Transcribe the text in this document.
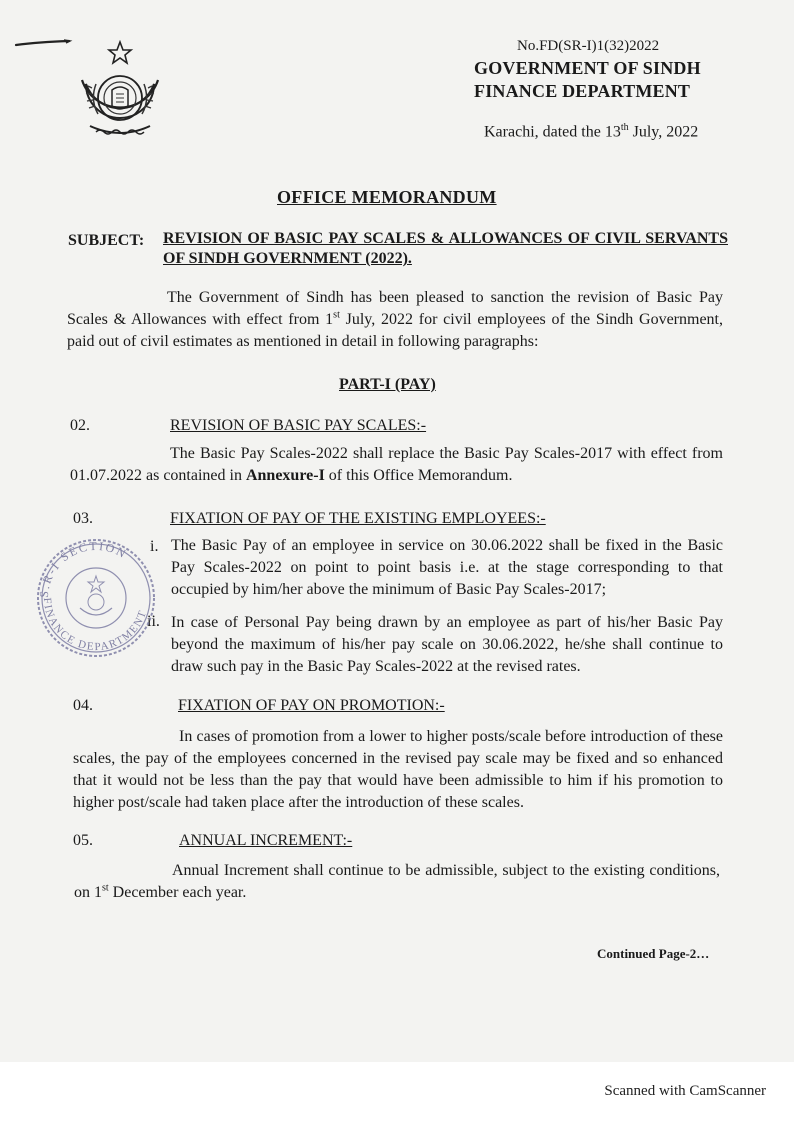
No.FD(SR-I)1(32)2022
GOVERNMENT OF SINDH
FINANCE DEPARTMENT
Karachi, dated the 13th July, 2022
OFFICE MEMORANDUM
SUBJECT: REVISION OF BASIC PAY SCALES & ALLOWANCES OF CIVIL SERVANTS OF SINDH GOVERNMENT (2022).
The Government of Sindh has been pleased to sanction the revision of Basic Pay Scales & Allowances with effect from 1st July, 2022 for civil employees of the Sindh Government, paid out of civil estimates as mentioned in detail in following paragraphs:
PART-I (PAY)
02.	REVISION OF BASIC PAY SCALES:-
The Basic Pay Scales-2022 shall replace the Basic Pay Scales-2017 with effect from 01.07.2022 as contained in Annexure-I of this Office Memorandum.
03.	FIXATION OF PAY OF THE EXISTING EMPLOYEES:-
i. The Basic Pay of an employee in service on 30.06.2022 shall be fixed in the Basic Pay Scales-2022 on point to point basis i.e. at the stage corresponding to that occupied by him/her above the minimum of Basic Pay Scales-2017;
ii. In case of Personal Pay being drawn by an employee as part of his/her Basic Pay beyond the maximum of his/her pay scale on 30.06.2022, he/she shall continue to draw such pay in the Basic Pay Scales-2022 at the revised rates.
04.	FIXATION OF PAY ON PROMOTION:-
In cases of promotion from a lower to higher posts/scale before introduction of these scales, the pay of the employees concerned in the revised pay scale may be fixed and so enhanced that it would not be less than the pay that would have been admissible to him if his promotion to higher post/scale had taken place after the introduction of these scales.
05.	ANNUAL INCREMENT:-
Annual Increment shall continue to be admissible, subject to the existing conditions, on 1st December each year.
Continued Page-2…
S.R-I SECTION
FINANCE DEPARTMENT
Scanned with CamScanner
